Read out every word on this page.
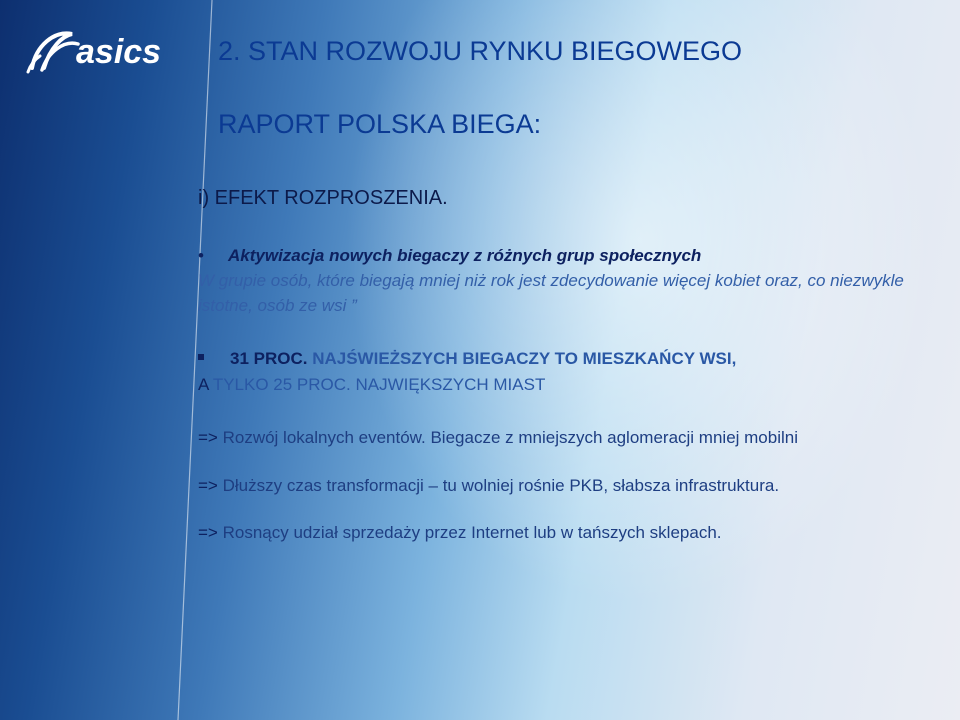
asics 2. STAN ROZWOJU RYNKU BIEGOWEGO
RAPORT POLSKA BIEGA:
i) EFEKT ROZPROSZENIA.
• Aktywizacja nowych biegaczy z różnych grup społecznych
W grupie osób, które biegają mniej niż rok jest zdecydowanie więcej kobiet oraz, co niezwykle istotne, osób ze wsi ”
31 PROC. NAJŚWIEŻSZYCH BIEGACZY TO MIESZKAŃCY WSI,
A TYLKO 25 PROC. NAJWIĘKSZYCH MIAST

=> Rozwój lokalnych eventów. Biegacze z mniejszych aglomeracji mniej mobilni

=> Dłuższy czas transformacji – tu wolniej rośnie PKB, słabsza infrastruktura.

=> Rosnący udział sprzedaży przez Internet lub w tańszych sklepach.
